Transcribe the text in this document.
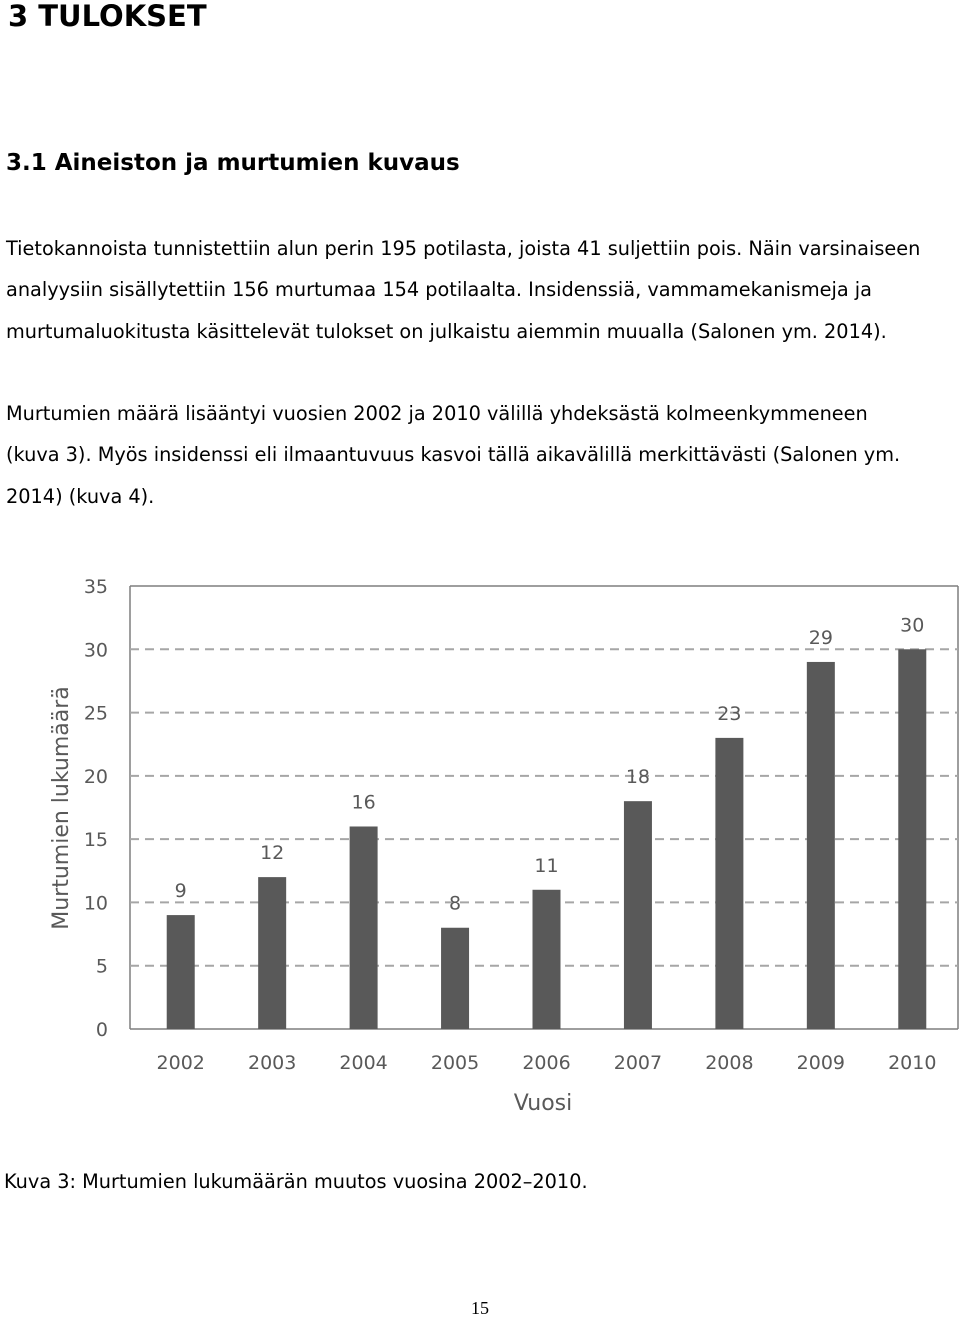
3 TULOKSET
3.1 Aineiston ja murtumien kuvaus
Tietokannoista tunnistettiin alun perin 195 potilasta, joista 41 suljettiin pois. Näin varsinaiseen
analyysiin sisällytettiin 156 murtumaa 154 potilaalta. Insidenssiä, vammamekanismeja ja
murtumaluokitusta käsittelevät tulokset on julkaistu aiemmin muualla (Salonen ym. 2014).
Murtumien määrä lisääntyi vuosien 2002 ja 2010 välillä yhdeksästä kolmeenkymmeneen
(kuva 3). Myös insidenssi eli ilmaantuvuus kasvoi tällä aikavälillä merkittävästi (Salonen ym.
2014) (kuva 4).
9
12
16
8
11
18
23
29
30
0
5
10
15
20
25
30
35
2002 2003 2004 2005 2006 2007 2008 2009 2010
Vuosi
Murtumien lukumäärä
Kuva 3: Murtumien lukumäärän muutos vuosina 2002–2010.
15
